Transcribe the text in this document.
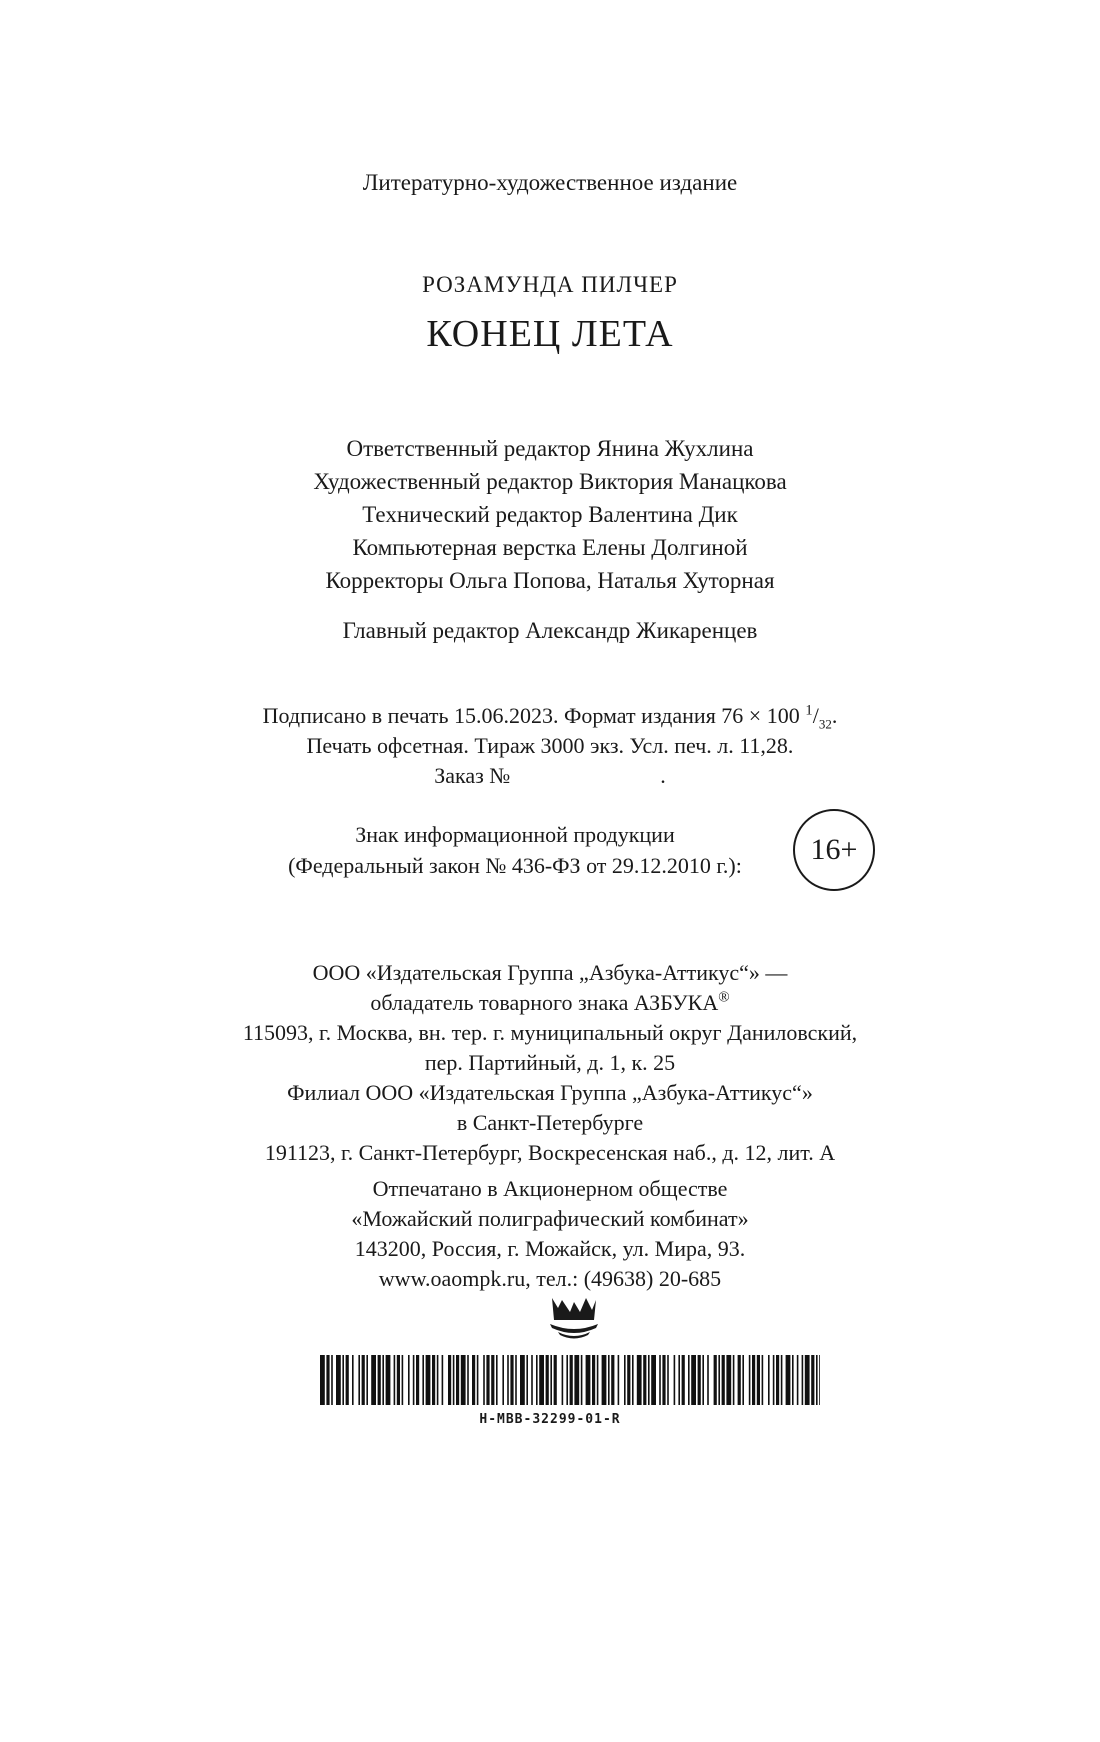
Литературно-художественное издание
РОЗАМУНДА ПИЛЧЕР
КОНЕЦ ЛЕТА
Ответственный редактор Янина Жухлина
Художественный редактор Виктория Манацкова
Технический редактор Валентина Дик
Компьютерная верстка Елены Долгиной
Корректоры Ольга Попова, Наталья Хуторная
Главный редактор Александр Жикаренцев
Подписано в печать 15.06.2023. Формат издания 76 × 100 $^1/_{32}$.
Печать офсетная. Тираж 3000 экз. Усл. печ. л. 11,28.
Заказ №	.
Знак информационной продукции
(Федеральный закон № 436-ФЗ от 29.12.2010 г.):	16+
ООО «Издательская Группа „Азбука-Аттикус“» —
обладатель товарного знака АЗБУКА®
115093, г. Москва, вн. тер. г. муниципальный округ Даниловский,
пер. Партийный, д. 1, к. 25
Филиал ООО «Издательская Группа „Азбука-Аттикус“»
в Санкт-Петербурге
191123, г. Санкт-Петербург, Воскресенская наб., д. 12, лит. А
Отпечатано в Акционерном обществе
«Можайский полиграфический комбинат»
143200, Россия, г. Можайск, ул. Мира, 93.
www.oaompk.ru, тел.: (49638) 20-685
Н-МВВ-32299-01-R
